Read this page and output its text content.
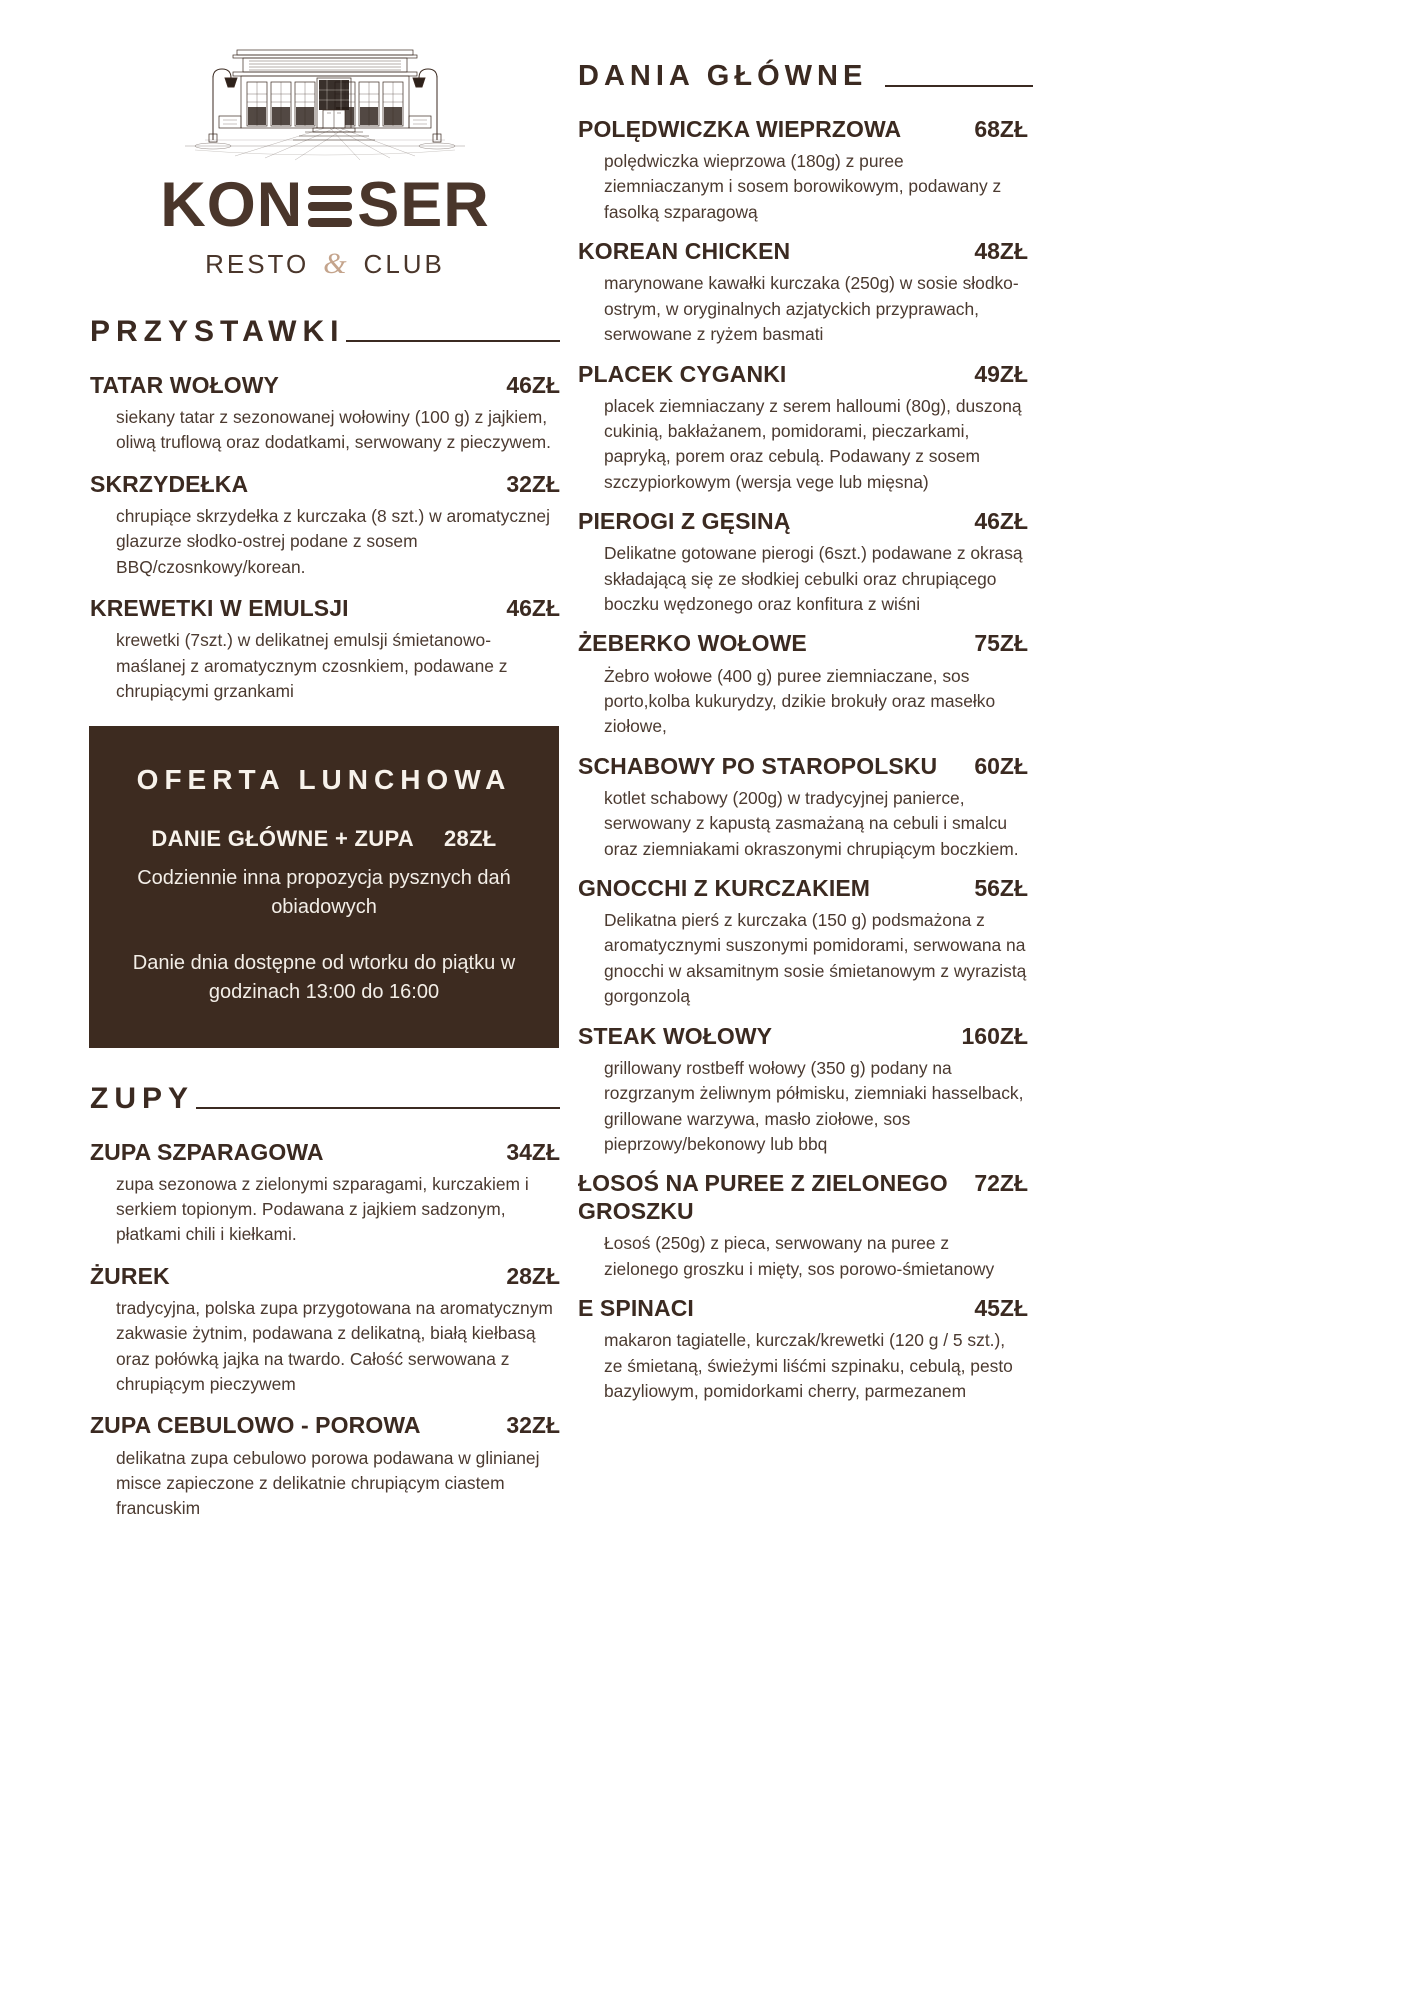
KON SER
RESTO & CLUB
PRZYSTAWKI
TATAR WOŁOWY	46ZŁ
siekany tatar z sezonowanej wołowiny (100 g) z jajkiem, oliwą truflową oraz dodatkami, serwowany z pieczywem.
SKRZYDEŁKA	32ZŁ
chrupiące skrzydełka z kurczaka (8 szt.) w aromatycznej glazurze słodko-ostrej podane z sosem BBQ/czosnkowy/korean.
KREWETKI W EMULSJI	46ZŁ
krewetki (7szt.) w delikatnej emulsji śmietanowo-maślanej z aromatycznym czosnkiem, podawane z chrupiącymi grzankami
OFERTA LUNCHOWA
DANIE GŁÓWNE + ZUPA 28ZŁ
Codziennie inna propozycja pysznych dań obiadowych
Danie dnia dostępne od wtorku do piątku w godzinach 13:00 do 16:00
ZUPY
ZUPA SZPARAGOWA	34ZŁ
zupa sezonowa z zielonymi szparagami, kurczakiem i serkiem topionym. Podawana z jajkiem sadzonym, płatkami chili i kiełkami.
ŻUREK	28ZŁ
tradycyjna, polska zupa przygotowana na aromatycznym zakwasie żytnim, podawana z delikatną, białą kiełbasą oraz połówką jajka na twardo. Całość serwowana z chrupiącym pieczywem
ZUPA CEBULOWO - POROWA	32ZŁ
delikatna zupa cebulowo porowa podawana w glinianej misce zapieczone z delikatnie chrupiącym ciastem francuskim
DANIA GŁÓWNE
POLĘDWICZKA WIEPRZOWA	68ZŁ
polędwiczka wieprzowa (180g) z puree ziemniaczanym i sosem borowikowym, podawany z fasolką szparagową
KOREAN CHICKEN	48ZŁ
marynowane kawałki kurczaka (250g) w sosie słodko-ostrym, w oryginalnych azjatyckich przyprawach, serwowane z ryżem basmati
PLACEK CYGANKI	49ZŁ
placek ziemniaczany z serem halloumi (80g), duszoną cukinią, bakłażanem, pomidorami, pieczarkami, papryką, porem oraz cebulą. Podawany z sosem szczypiorkowym (wersja vege lub mięsna)
PIEROGI Z GĘSINĄ	46ZŁ
Delikatne gotowane pierogi (6szt.) podawane z okrasą składającą się ze słodkiej cebulki oraz chrupiącego boczku wędzonego oraz konfitura z wiśni
ŻEBERKO WOŁOWE	75ZŁ
Żebro wołowe (400 g) puree ziemniaczane, sos porto,kolba kukurydzy, dzikie brokuły oraz masełko ziołowe,
SCHABOWY PO STAROPOLSKU 60ZŁ
kotlet schabowy (200g) w tradycyjnej panierce, serwowany z kapustą zasmażaną na cebuli i smalcu oraz ziemniakami okraszonymi chrupiącym boczkiem.
GNOCCHI Z KURCZAKIEM	56ZŁ
Delikatna pierś z kurczaka (150 g) podsmażona z aromatycznymi suszonymi pomidorami, serwowana na gnocchi w aksamitnym sosie śmietanowym z wyrazistą gorgonzolą
STEAK WOŁOWY	160ZŁ
grillowany rostbeff wołowy (350 g) podany na rozgrzanym żeliwnym półmisku, ziemniaki hasselback, grillowane warzywa, masło ziołowe, sos pieprzowy/bekonowy lub bbq
ŁOSOŚ NA PUREE Z ZIELONEGO GROSZKU
72ZŁ
Łosoś (250g) z pieca, serwowany na puree z zielonego groszku i mięty, sos porowo-śmietanowy
E SPINACI	45ZŁ
makaron tagiatelle, kurczak/krewetki (120 g / 5 szt.), ze śmietaną, świeżymi liśćmi szpinaku, cebulą, pesto bazyliowym, pomidorkami cherry, parmezanem
